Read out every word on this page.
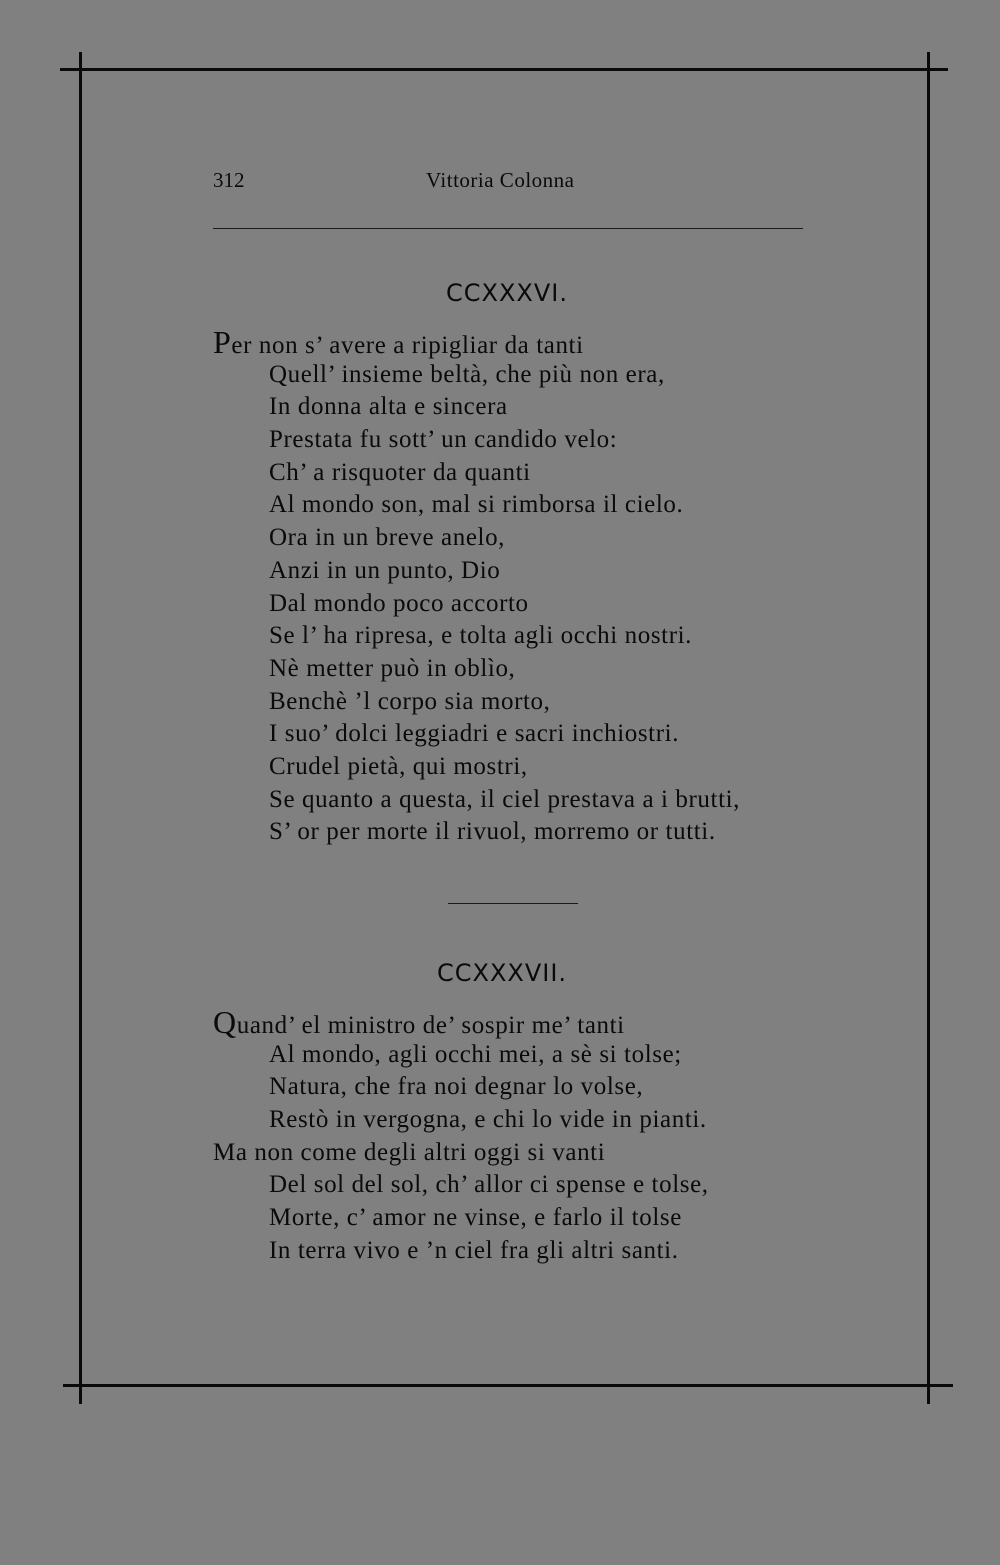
312	Vittoria Colonna
CCXXXVI.
Per non s’ avere a ripigliar da tanti
Quell’ insieme beltà, che più non era,
In donna alta e sincera
Prestata fu sott’ un candido velo:
Ch’ a risquoter da quanti
Al mondo son, mal si rimborsa il cielo.
Ora in un breve anelo,
Anzi in un punto, Dio
Dal mondo poco accorto
Se l’ ha ripresa, e tolta agli occhi nostri.
Nè metter può in oblìo,
Benchè ’l corpo sia morto,
I suo’ dolci leggiadri e sacri inchiostri.
Crudel pietà, qui mostri,
Se quanto a questa, il ciel prestava a i brutti,
S’ or per morte il rivuol, morremo or tutti.
CCXXXVII.
Quand’ el ministro de’ sospir me’ tanti
Al mondo, agli occhi mei, a sè si tolse;
Natura, che fra noi degnar lo volse,
Restò in vergogna, e chi lo vide in pianti.
Ma non come degli altri oggi si vanti
Del sol del sol, ch’ allor ci spense e tolse,
Morte, c’ amor ne vinse, e farlo il tolse
In terra vivo e ’n ciel fra gli altri santi.
